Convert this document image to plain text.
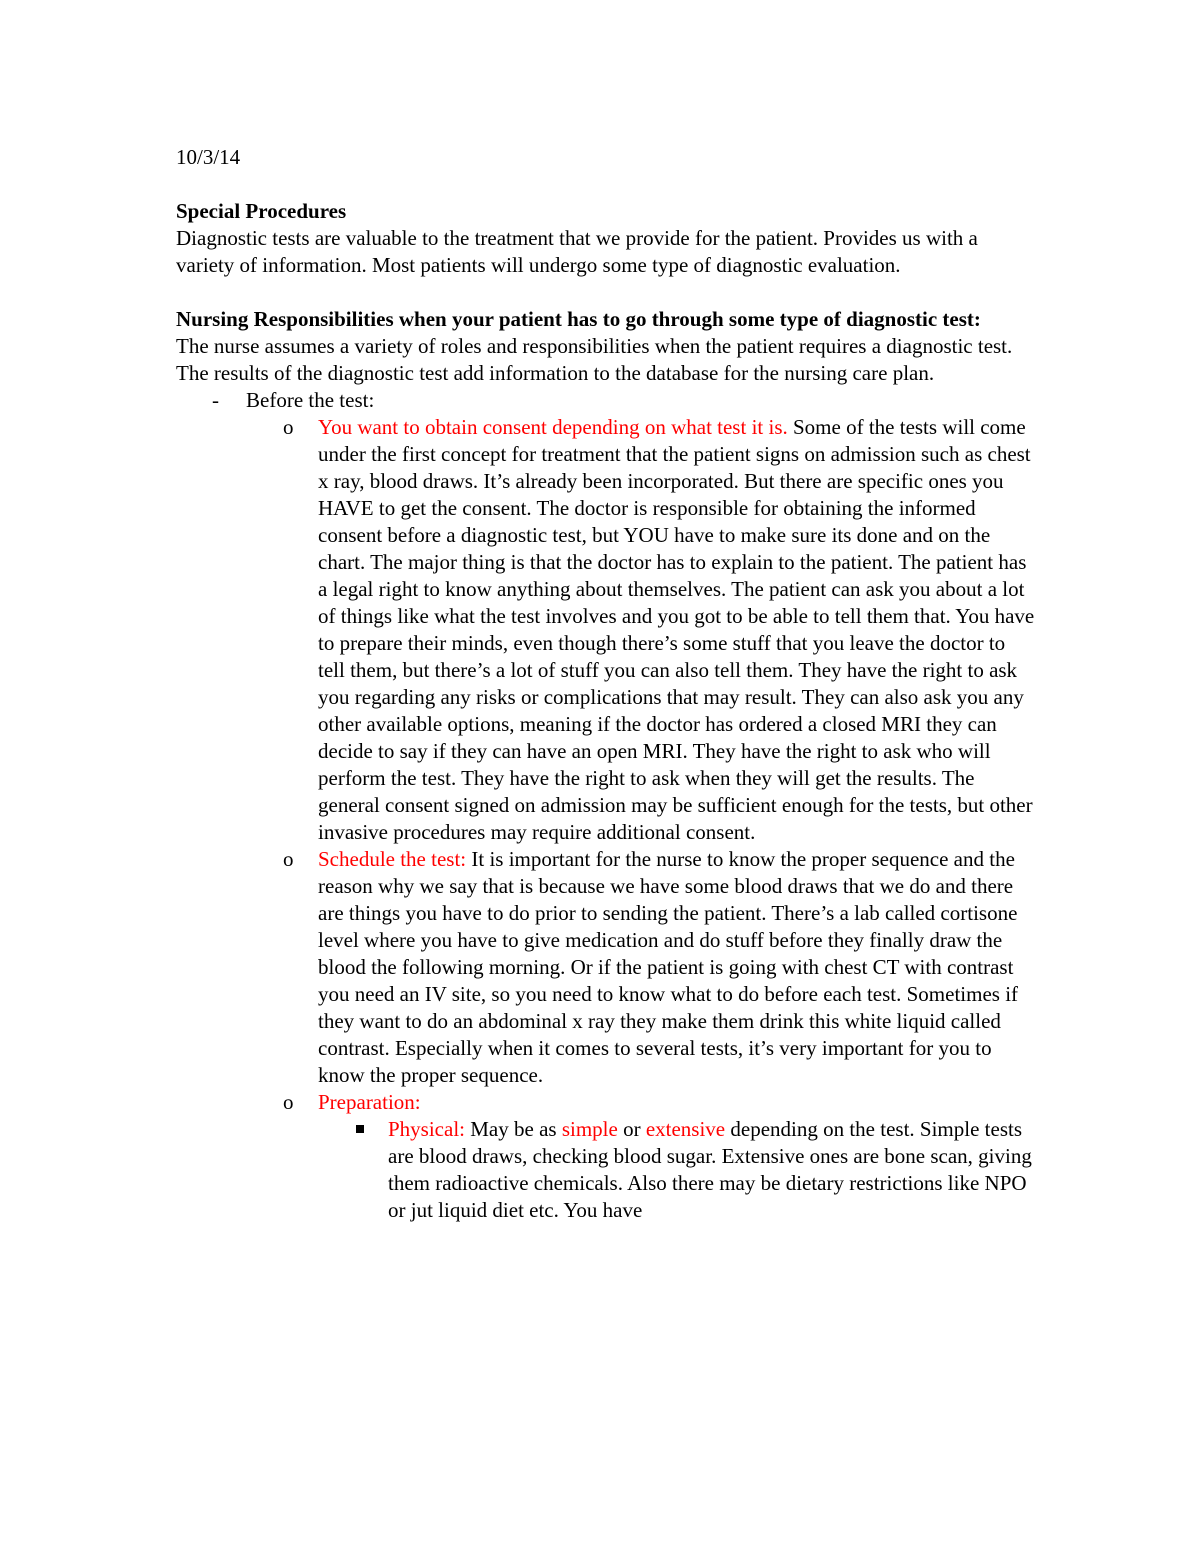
10/3/14

Special Procedures

Diagnostic tests are valuable to the treatment that we provide for the patient. Provides us with a variety of information. Most patients will undergo some type of diagnostic evaluation.

Nursing Responsibilities when your patient has to go through some type of diagnostic test:

The nurse assumes a variety of roles and responsibilities when the patient requires a diagnostic test. The results of the diagnostic test add information to the database for the nursing care plan.

- Before the test:
o You want to obtain consent depending on what test it is. Some of the tests will come under the first concept for treatment that the patient signs on admission such as chest x ray, blood draws. It’s already been incorporated. But there are specific ones you HAVE to get the consent. The doctor is responsible for obtaining the informed consent before a diagnostic test, but YOU have to make sure its done and on the chart. The major thing is that the doctor has to explain to the patient. The patient has a legal right to know anything about themselves. The patient can ask you about a lot of things like what the test involves and you got to be able to tell them that. You have to prepare their minds, even though there’s some stuff that you leave the doctor to tell them, but there’s a lot of stuff you can also tell them. They have the right to ask you regarding any risks or complications that may result. They can also ask you any other available options, meaning if the doctor has ordered a closed MRI they can decide to say if they can have an open MRI. They have the right to ask who will perform the test. They have the right to ask when they will get the results. The general consent signed on admission may be sufficient enough for the tests, but other invasive procedures may require additional consent.
o Schedule the test: It is important for the nurse to know the proper sequence and the reason why we say that is because we have some blood draws that we do and there are things you have to do prior to sending the patient. There’s a lab called cortisone level where you have to give medication and do stuff before they finally draw the blood the following morning. Or if the patient is going with chest CT with contrast you need an IV site, so you need to know what to do before each test. Sometimes if they want to do an abdominal x ray they make them drink this white liquid called contrast. Especially when it comes to several tests, it’s very important for you to know the proper sequence.
o Preparation:
Physical: May be as simple or extensive depending on the test. Simple tests are blood draws, checking blood sugar. Extensive ones are bone scan, giving them radioactive chemicals. Also there may be dietary restrictions like NPO or jut liquid diet etc. You have
